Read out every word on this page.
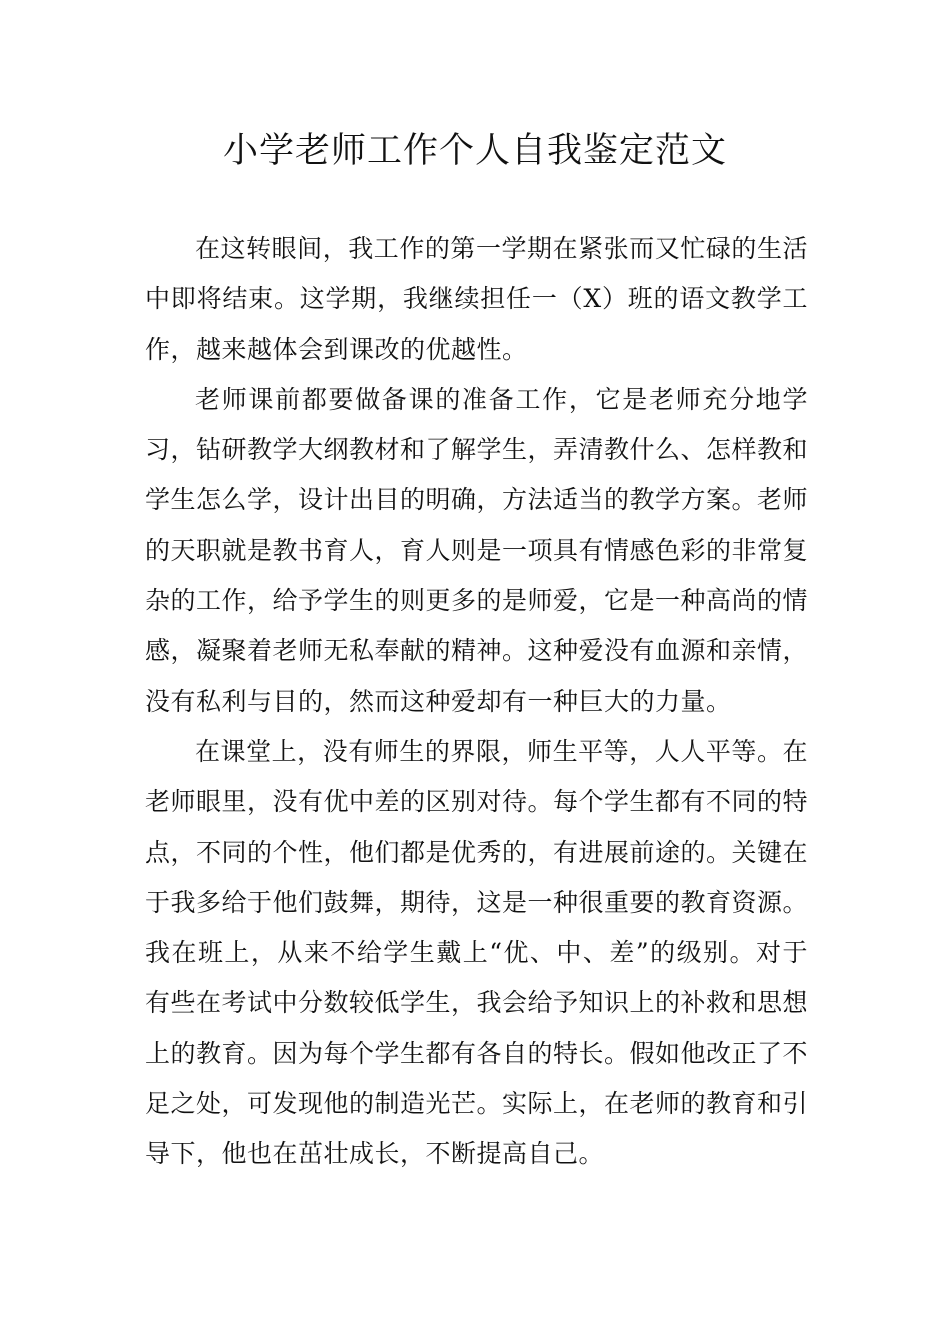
小学老师工作个人自我鉴定范文

在这转眼间，我工作的第一学期在紧张而又忙碌的生活中即将结束。这学期，我继续担任一（X）班的语文教学工作，越来越体会到课改的优越性。

老师课前都要做备课的准备工作，它是老师充分地学习，钻研教学大纲教材和了解学生，弄清教什么、怎样教和学生怎么学，设计出目的明确，方法适当的教学方案。老师的天职就是教书育人，育人则是一项具有情感色彩的非常复杂的工作，给予学生的则更多的是师爱，它是一种高尚的情感，凝聚着老师无私奉献的精神。这种爱没有血源和亲情，没有私利与目的，然而这种爱却有一种巨大的力量。

在课堂上，没有师生的界限，师生平等，人人平等。在老师眼里，没有优中差的区别对待。每个学生都有不同的特点，不同的个性，他们都是优秀的，有进展前途的。关键在于我多给于他们鼓舞，期待，这是一种很重要的教育资源。我在班上，从来不给学生戴上“优、中、差”的级别。对于有些在考试中分数较低学生，我会给予知识上的补救和思想上的教育。因为每个学生都有各自的特长。假如他改正了不足之处，可发现他的制造光芒。实际上，在老师的教育和引导下，他也在茁壮成长，不断提高自己。
